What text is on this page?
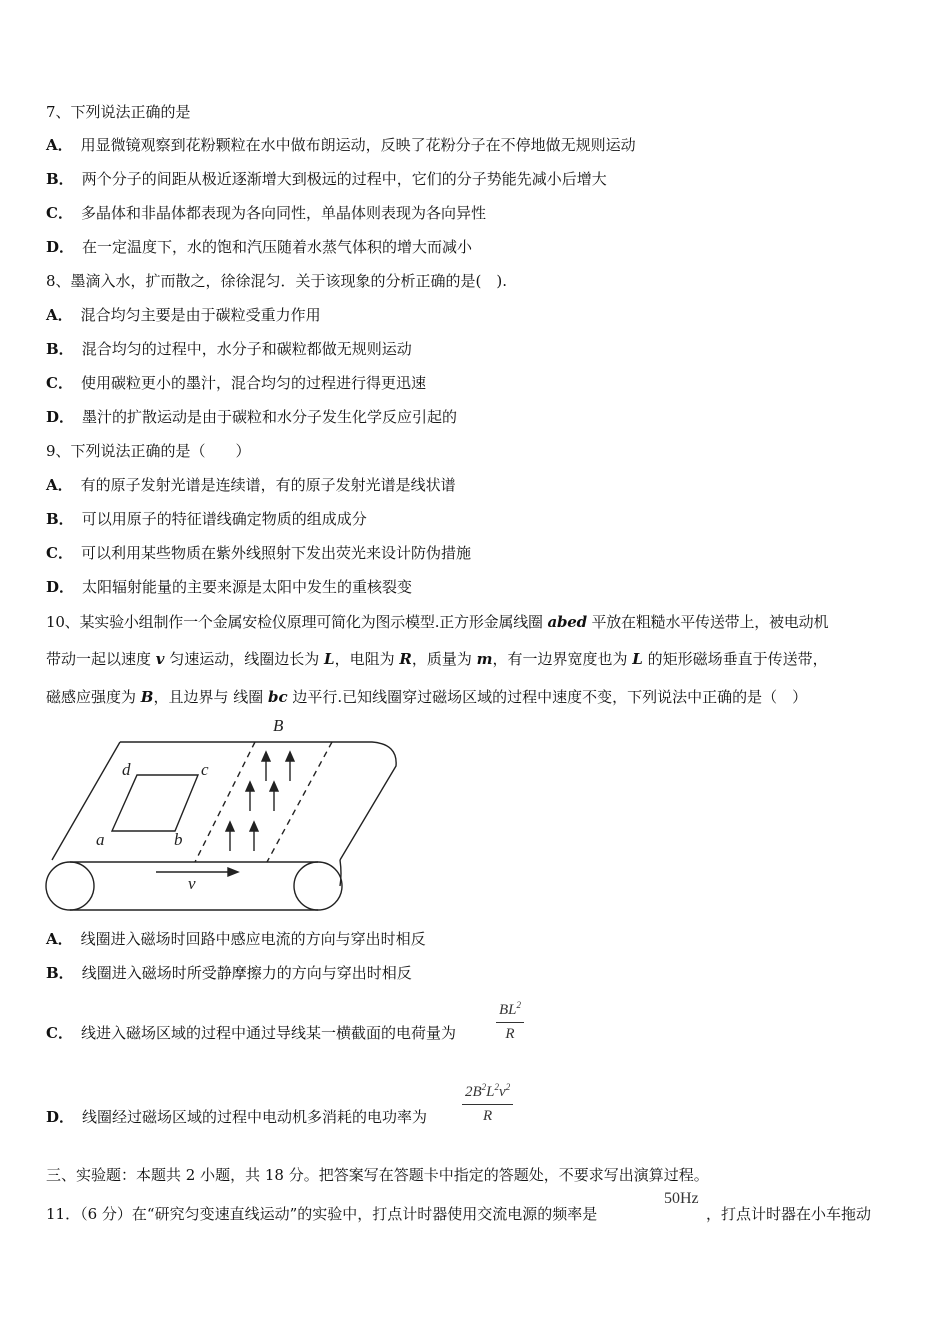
7、下列说法正确的是
A． 用显微镜观察到花粉颗粒在水中做布朗运动，反映了花粉分子在不停地做无规则运动
B． 两个分子的间距从极近逐渐增大到极远的过程中，它们的分子势能先减小后增大
C． 多晶体和非晶体都表现为各向同性，单晶体则表现为各向异性
D． 在一定温度下，水的饱和汽压随着水蒸气体积的增大而减小
8、墨滴入水，扩而散之，徐徐混匀．关于该现象的分析正确的是(　).
A． 混合均匀主要是由于碳粒受重力作用
B． 混合均匀的过程中，水分子和碳粒都做无规则运动
C． 使用碳粒更小的墨汁，混合均匀的过程进行得更迅速
D． 墨汁的扩散运动是由于碳粒和水分子发生化学反应引起的
9、下列说法正确的是（　　）
A． 有的原子发射光谱是连续谱，有的原子发射光谱是线状谱
B． 可以用原子的特征谱线确定物质的组成成分
C． 可以利用某些物质在紫外线照射下发出荧光来设计防伪措施
D． 太阳辐射能量的主要来源是太阳中发生的重核裂变
10、某实验小组制作一个金属安检仪原理可简化为图示模型.正方形金属线圈 abed 平放在粗糙水平传送带上，被电动机
带动一起以速度 v 匀速运动，线圈边长为 L，电阻为 R，质量为 m，有一边界宽度也为 L 的矩形磁场垂直于传送带，
磁感应强度为 B，且边界与 线圈 bc 边平行.已知线圈穿过磁场区域的过程中速度不变，下列说法中正确的是（　）
B
d	c
a	b
v
A． 线圈进入磁场时回路中感应电流的方向与穿出时相反
B． 线圈进入磁场时所受静摩擦力的方向与穿出时相反
C． 线进入磁场区域的过程中通过导线某一横截面的电荷量为	$\frac{BL^2}{R}$
D． 线圈经过磁场区域的过程中电动机多消耗的电功率为 $\frac{2B^2L^2v^2}{R}$
三、实验题：本题共 2 小题，共 18 分。把答案写在答题卡中指定的答题处，不要求写出演算过程。
11．（6 分）在“研究匀变速直线运动”的实验中，打点计时器使用交流电源的频率是
50Hz
，打点计时器在小车拖动
